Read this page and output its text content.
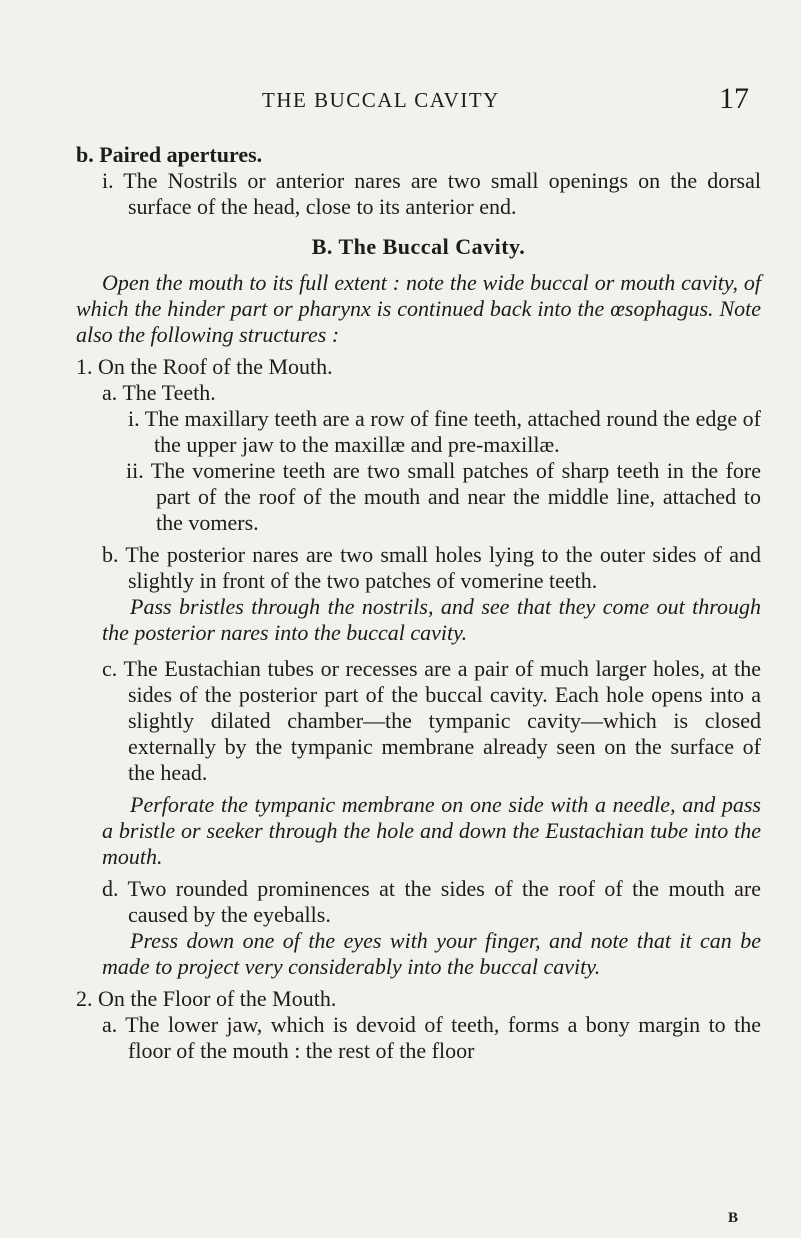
THE BUCCAL CAVITY	17

b. Paired apertures.

i. The Nostrils or anterior nares are two small openings on the dorsal surface of the head, close to its anterior end.

B. The Buccal Cavity.

Open the mouth to its full extent : note the wide buccal or mouth cavity, of which the hinder part or pharynx is continued back into the œsophagus. Note also the following structures :

1. On the Roof of the Mouth.

a. The Teeth.

i. The maxillary teeth are a row of fine teeth, attached round the edge of the upper jaw to the maxillæ and pre-maxillæ.

ii. The vomerine teeth are two small patches of sharp teeth in the fore part of the roof of the mouth and near the middle line, attached to the vomers.

b. The posterior nares are two small holes lying to the outer sides of and slightly in front of the two patches of vomerine teeth.

Pass bristles through the nostrils, and see that they come out through the posterior nares into the buccal cavity.

c. The Eustachian tubes or recesses are a pair of much larger holes, at the sides of the posterior part of the buccal cavity. Each hole opens into a slightly dilated chamber—the tympanic cavity—which is closed externally by the tympanic membrane already seen on the surface of the head.

Perforate the tympanic membrane on one side with a needle, and pass a bristle or seeker through the hole and down the Eustachian tube into the mouth.

d. Two rounded prominences at the sides of the roof of the mouth are caused by the eyeballs.

Press down one of the eyes with your finger, and note that it can be made to project very considerably into the buccal cavity.

2. On the Floor of the Mouth.

a. The lower jaw, which is devoid of teeth, forms a bony margin to the floor of the mouth : the rest of the floor

B
